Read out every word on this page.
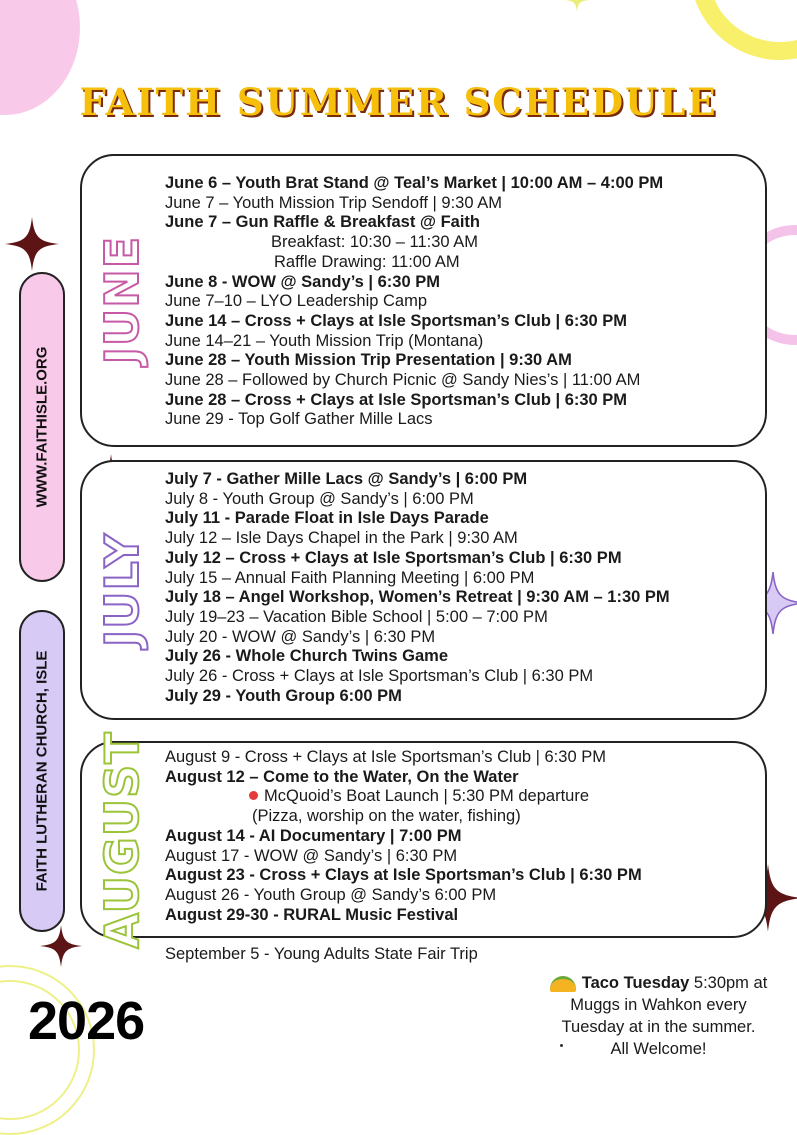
FAITH SUMMER SCHEDULE
WWW.FAITHISLE.ORG
FAITH LUTHERAN CHURCH, ISLE
JUNE
JULY
AUGUST
June 6 – Youth Brat Stand @ Teal’s Market | 10:00 AM – 4:00 PM
June 7 – Youth Mission Trip Sendoff | 9:30 AM
June 7 – Gun Raffle & Breakfast @ Faith
Breakfast: 10:30 – 11:30 AM
Raffle Drawing: 11:00 AM
June 8 - WOW @ Sandy’s | 6:30 PM
June 7–10 – LYO Leadership Camp
June 14 – Cross + Clays at Isle Sportsman’s Club | 6:30 PM
June 14–21 – Youth Mission Trip (Montana)
June 28 – Youth Mission Trip Presentation | 9:30 AM
June 28 – Followed by Church Picnic @ Sandy Nies’s | 11:00 AM
June 28 – Cross + Clays at Isle Sportsman’s Club | 6:30 PM
June 29 - Top Golf Gather Mille Lacs
July 7 - Gather Mille Lacs @ Sandy’s | 6:00 PM
July 8 - Youth Group @ Sandy’s | 6:00 PM
July 11 - Parade Float in Isle Days Parade
July 12 – Isle Days Chapel in the Park | 9:30 AM
July 12 – Cross + Clays at Isle Sportsman’s Club | 6:30 PM
July 15 – Annual Faith Planning Meeting | 6:00 PM
July 18 – Angel Workshop, Women’s Retreat | 9:30 AM – 1:30 PM
July 19–23 – Vacation Bible School | 5:00 – 7:00 PM
July 20 - WOW @ Sandy’s | 6:30 PM
July 26 - Whole Church Twins Game
July 26 - Cross + Clays at Isle Sportsman’s Club | 6:30 PM
July 29 - Youth Group 6:00 PM
August 9 - Cross + Clays at Isle Sportsman’s Club | 6:30 PM
August 12 – Come to the Water, On the Water
McQuoid’s Boat Launch | 5:30 PM departure
(Pizza, worship on the water, fishing)
August 14 - AI Documentary | 7:00 PM
August 17 - WOW @ Sandy’s | 6:30 PM
August 23 - Cross + Clays at Isle Sportsman’s Club | 6:30 PM
August 26 - Youth Group @ Sandy’s 6:00 PM
August 29-30 - RURAL Music Festival
September 5 - Young Adults State Fair Trip
2026

Taco Tuesday 5:30pm at

Muggs in Wahkon every

Tuesday at in the summer.

All Welcome!
